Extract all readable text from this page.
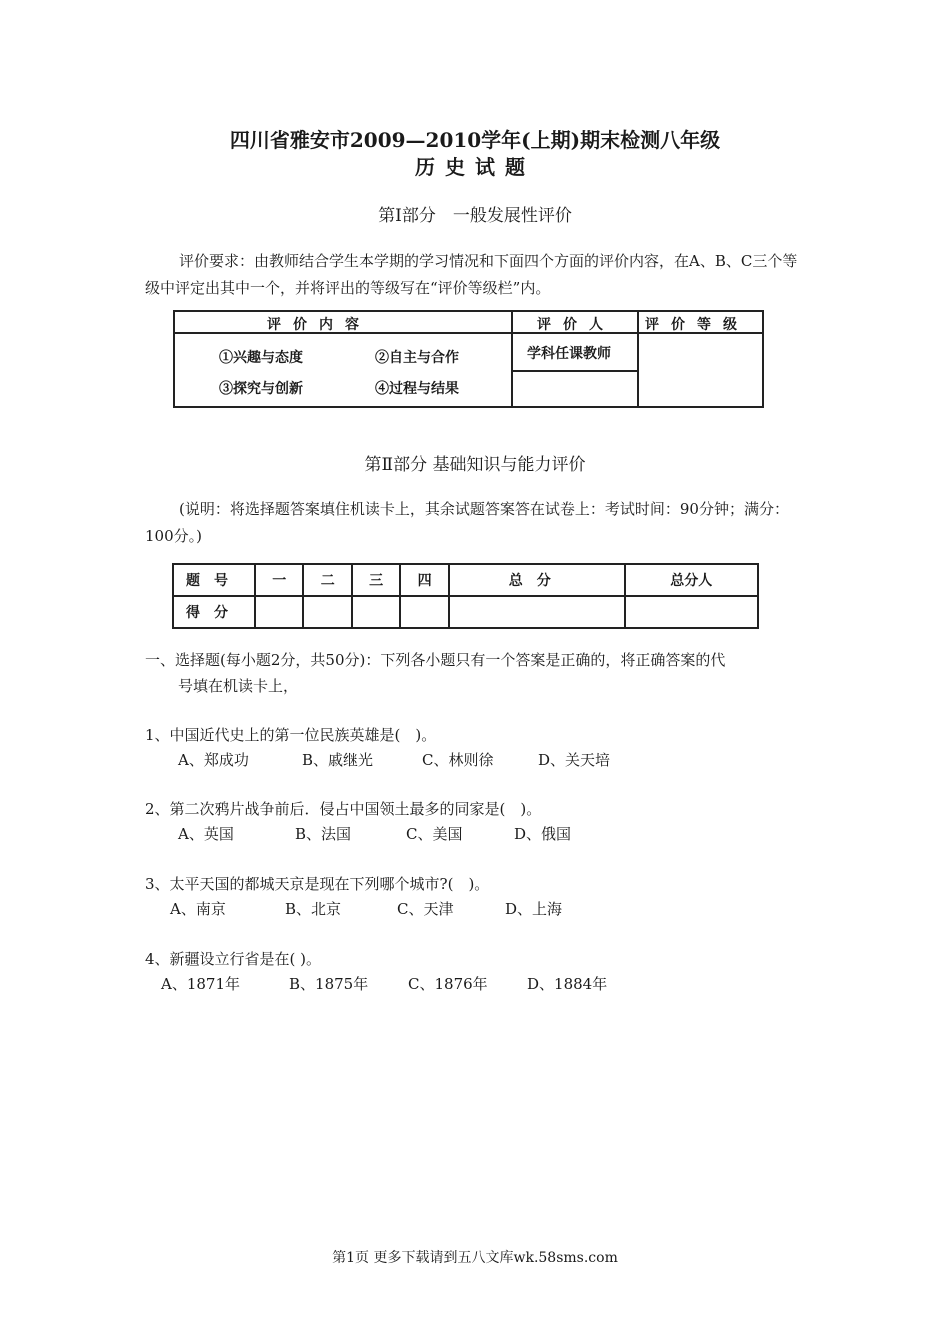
四川省雅安市2009—2010学年(上期)期末检测八年级
历史试题
第I部分　一般发展性评价
评价要求：由教师结合学生本学期的学习情况和下面四个方面的评价内容，在A、B、C三个等级中评定出其中一个，并将评出的等级写在“评价等级栏”内。
评价内容	评价人 评价等级
①兴趣与态度	②自主与合作
③探究与创新	④过程与结果
学科任课教师
第Ⅱ部分 基础知识与能力评价
(说明：将选择题答案填住机读卡上，其余试题答案答在试卷上：考试时间：90分钟；满分：100分。)
题号	一	二	三	四	总分	总分人
得分						
一、选择题(每小题2分，共50分)：下列各小题只有一个答案是正确的，将正确答案的代
号填在机读卡上，
1、中国近代史上的第一位民族英雄是(　)。
A、郑成功	B、戚继光	C、林则徐	D、关天培
2、第二次鸦片战争前后．侵占中国领土最多的同家是(　)。
A、英国	B、法国	C、美国	D、俄国
3、太平天国的都城天京是现在下列哪个城市?(　)。
A、南京	B、北京	C、天津	D、上海
4、新疆设立行省是在( )。
A、1871年	B、1875年	C、1876年	D、1884年
第1页 更多下载请到五八文库wk.58sms.com
